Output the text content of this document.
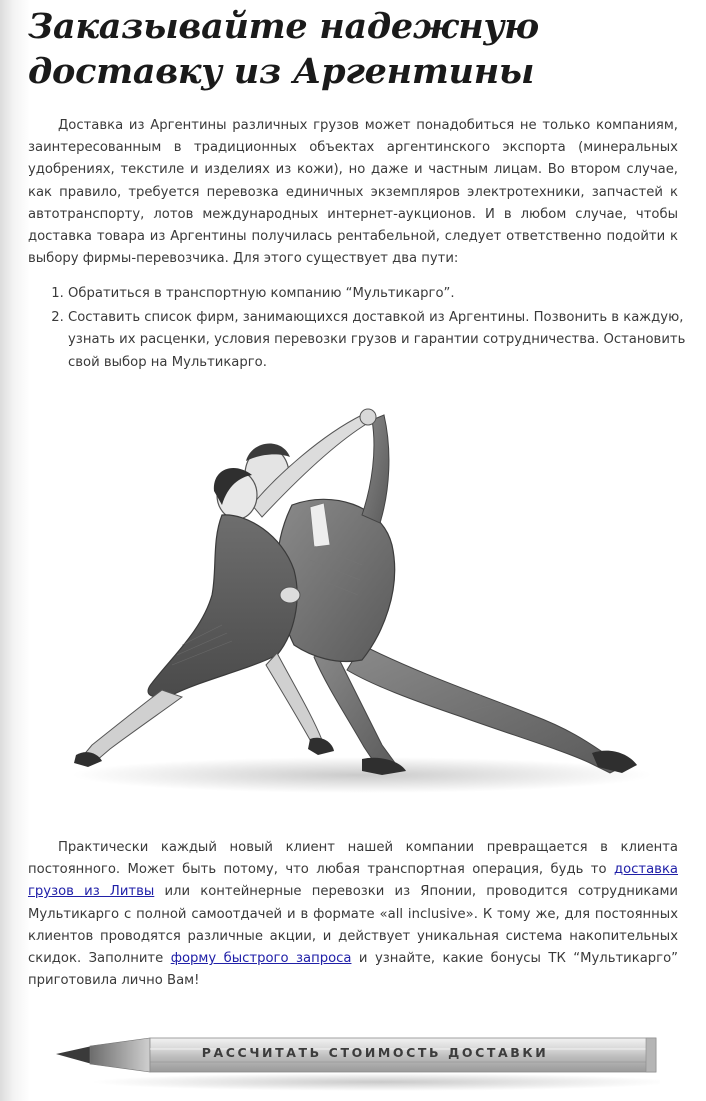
Заказывайте надежную доставку из Аргентины

Доставка из Аргентины различных грузов может понадобиться не только компаниям, заинтересованным в традиционных объектах аргентинского экспорта (минеральных удобрениях, текстиле и изделиях из кожи), но даже и частным лицам. Во втором случае, как правило, требуется перевозка единичных экземпляров электротехники, запчастей к автотранспорту, лотов международных интернет-аукционов. И в любом случае, чтобы доставка товара из Аргентины получилась рентабельной, следует ответственно подойти к выбору фирмы-перевозчика. Для этого существует два пути:

1. Обратиться в транспортную компанию “Мультикарго”.
2. Составить список фирм, занимающихся доставкой из Аргентины. Позвонить в каждую, узнать их расценки, условия перевозки грузов и гарантии сотрудничества. Остановить свой выбор на Мультикарго.

Практически каждый новый клиент нашей компании превращается в клиента постоянного. Может быть потому, что любая транспортная операция, будь то доставка грузов из Литвы или контейнерные перевозки из Японии, проводится сотрудниками Мультикарго с полной самоотдачей и в формате «all inclusive». К тому же, для постоянных клиентов проводятся различные акции, и действует уникальная система накопительных скидок. Заполните форму быстрого запроса и узнайте, какие бонусы ТК “Мультикарго” приготовила лично Вам!

РАССЧИТАТЬ СТОИМОСТЬ ДОСТАВКИ
